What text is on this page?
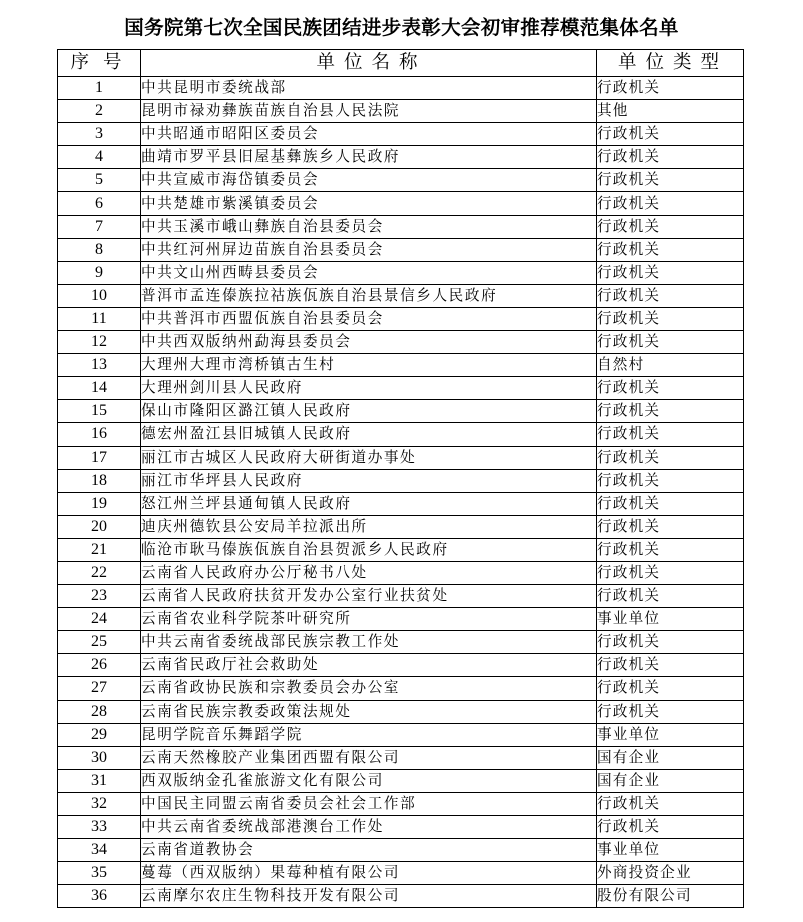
国务院第七次全国民族团结进步表彰大会初审推荐模范集体名单
序号	单位名称	单位类型
1	中共昆明市委统战部	行政机关
2	昆明市禄劝彝族苗族自治县人民法院	其他
3	中共昭通市昭阳区委员会	行政机关
4	曲靖市罗平县旧屋基彝族乡人民政府	行政机关
5	中共宣威市海岱镇委员会	行政机关
6	中共楚雄市紫溪镇委员会	行政机关
7	中共玉溪市峨山彝族自治县委员会	行政机关
8	中共红河州屏边苗族自治县委员会	行政机关
9	中共文山州西畴县委员会	行政机关
10	普洱市孟连傣族拉祜族佤族自治县景信乡人民政府	行政机关
11	中共普洱市西盟佤族自治县委员会	行政机关
12	中共西双版纳州勐海县委员会	行政机关
13	大理州大理市湾桥镇古生村	自然村
14	大理州剑川县人民政府	行政机关
15	保山市隆阳区潞江镇人民政府	行政机关
16	德宏州盈江县旧城镇人民政府	行政机关
17	丽江市古城区人民政府大研街道办事处	行政机关
18	丽江市华坪县人民政府	行政机关
19	怒江州兰坪县通甸镇人民政府	行政机关
20	迪庆州德钦县公安局羊拉派出所	行政机关
21	临沧市耿马傣族佤族自治县贺派乡人民政府	行政机关
22	云南省人民政府办公厅秘书八处	行政机关
23	云南省人民政府扶贫开发办公室行业扶贫处	行政机关
24	云南省农业科学院茶叶研究所	事业单位
25	中共云南省委统战部民族宗教工作处	行政机关
26	云南省民政厅社会救助处	行政机关
27	云南省政协民族和宗教委员会办公室	行政机关
28	云南省民族宗教委政策法规处	行政机关
29	昆明学院音乐舞蹈学院	事业单位
30	云南天然橡胶产业集团西盟有限公司	国有企业
31	西双版纳金孔雀旅游文化有限公司	国有企业
32	中国民主同盟云南省委员会社会工作部	行政机关
33	中共云南省委统战部港澳台工作处	行政机关
34	云南省道教协会	事业单位
35	蔓莓（西双版纳）果莓种植有限公司	外商投资企业
36	云南摩尔农庄生物科技开发有限公司	股份有限公司
